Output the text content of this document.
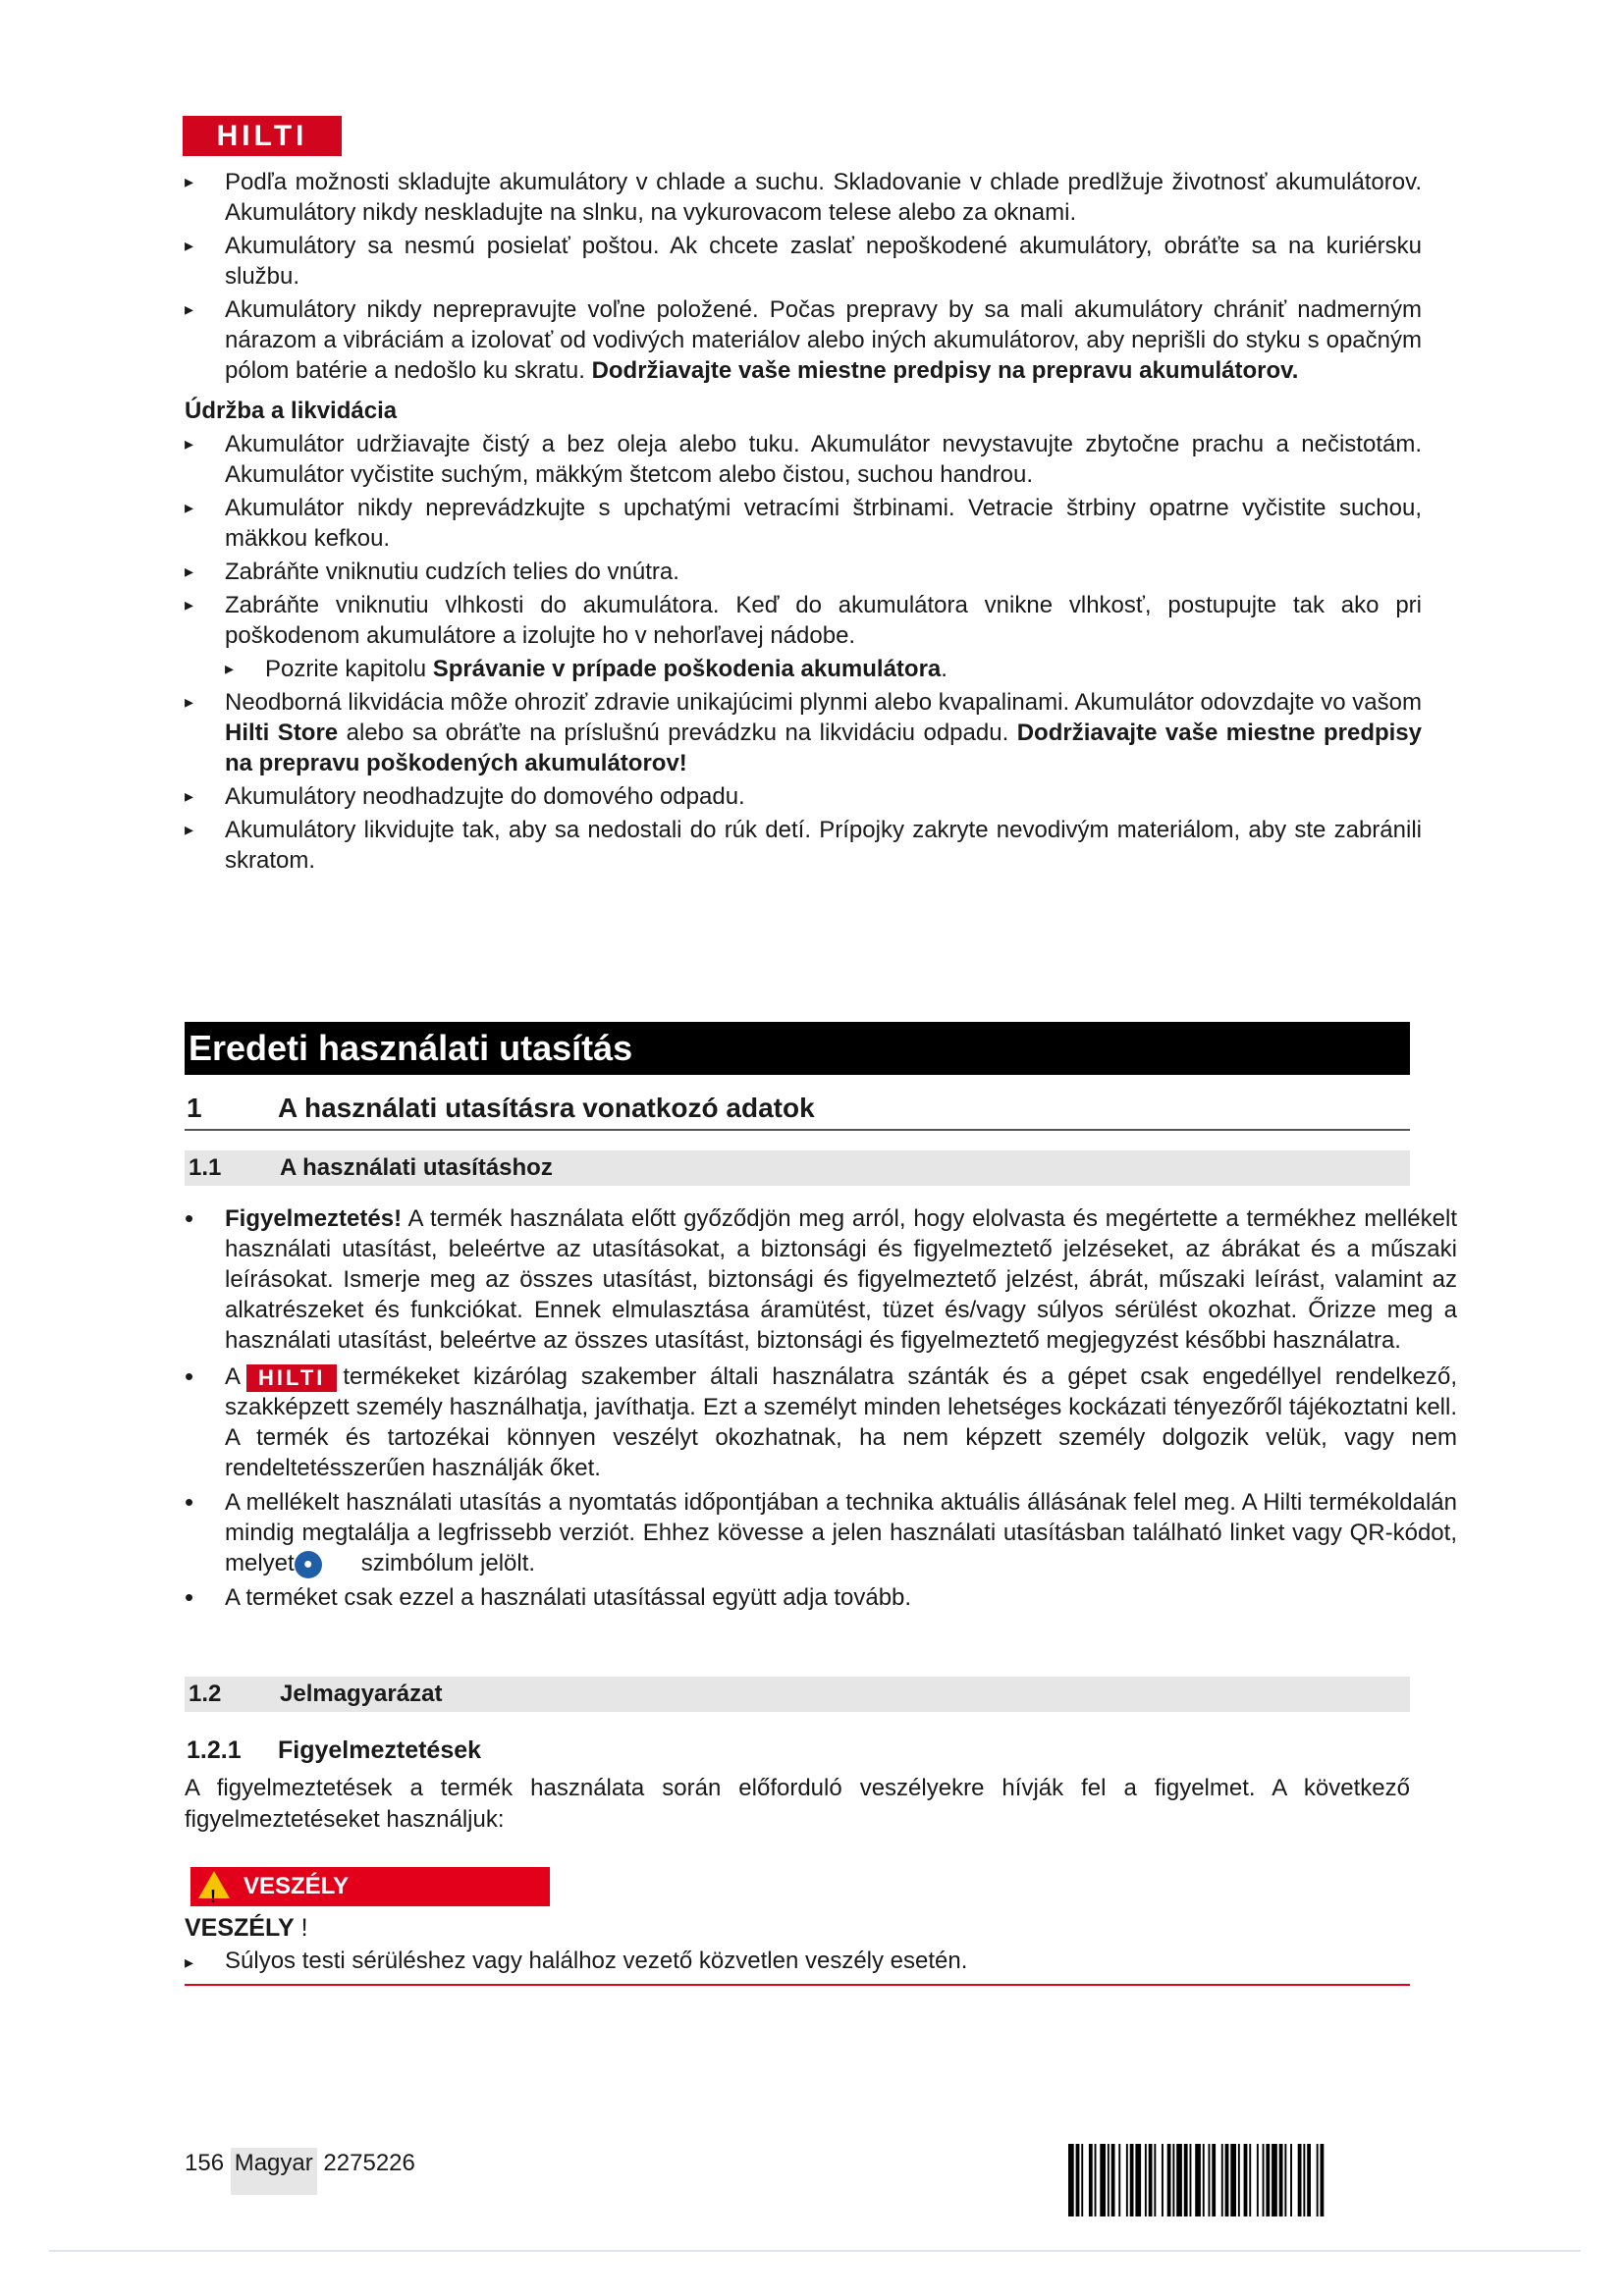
HILTI
▸ Podľa možnosti skladujte akumulátory v chlade a suchu. Skladovanie v chlade predlžuje životnosť akumulátorov. Akumulátory nikdy neskladujte na slnku, na vykurovacom telese alebo za oknami.
▸ Akumulátory sa nesmú posielať poštou. Ak chcete zaslať nepoškodené akumulátory, obráťte sa na kuriérsku službu.
▸ Akumulátory nikdy neprepravujte voľne položené. Počas prepravy by sa mali akumulátory chrániť nadmerným nárazom a vibráciám a izolovať od vodivých materiálov alebo iných akumulátorov, aby neprišli do styku s opačným pólom batérie a nedošlo ku skratu. Dodržiavajte vaše miestne predpisy na prepravu akumulátorov.
Údržba a likvidácia
▸ Akumulátor udržiavajte čistý a bez oleja alebo tuku. Akumulátor nevystavujte zbytočne prachu a nečistotám. Akumulátor vyčistite suchým, mäkkým štetcom alebo čistou, suchou handrou.
▸ Akumulátor nikdy neprevádzkujte s upchatými vetracími štrbinami. Vetracie štrbiny opatrne vyčistite suchou, mäkkou kefkou.
▸ Zabráňte vniknutiu cudzích telies do vnútra.
▸ Zabráňte vniknutiu vlhkosti do akumulátora. Keď do akumulátora vnikne vlhkosť, postupujte tak ako pri poškodenom akumulátore a izolujte ho v nehorľavej nádobe.
▸ Pozrite kapitolu Správanie v prípade poškodenia akumulátora.
▸ Neodborná likvidácia môže ohroziť zdravie unikajúcimi plynmi alebo kvapalinami. Akumulátor odovzdajte vo vašom Hilti Store alebo sa obráťte na príslušnú prevádzku na likvidáciu odpadu. Dodržiavajte vaše miestne predpisy na prepravu poškodených akumulátorov!
▸ Akumulátory neodhadzujte do domového odpadu.
▸ Akumulátory likvidujte tak, aby sa nedostali do rúk detí. Prípojky zakryte nevodivým materiálom, aby ste zabránili skratom.
Eredeti használati utasítás
1	A használati utasításra vonatkozó adatok
1.1 A használati utasításhoz
• Figyelmeztetés! A termék használata előtt győződjön meg arról, hogy elolvasta és megértette a termékhez mellékelt használati utasítást, beleértve az utasításokat, a biztonsági és figyelmeztető jelzéseket, az ábrákat és a műszaki leírásokat. Ismerje meg az összes utasítást, biztonsági és figyelmeztető jelzést, ábrát, műszaki leírást, valamint az alkatrészeket és funkciókat. Ennek elmulasztása áramütést, tüzet és/vagy súlyos sérülést okozhat. Őrizze meg a használati utasítást, beleértve az összes utasítást, biztonsági és figyelmeztető megjegyzést későbbi használatra.
• A HILTI termékeket kizárólag szakember általi használatra szánták és a gépet csak engedéllyel rendelkező, szakképzett személy használhatja, javíthatja. Ezt a személyt minden lehetséges kockázati tényezőről tájékoztatni kell. A termék és tartozékai könnyen veszélyt okozhatnak, ha nem képzett személy dolgozik velük, vagy nem rendeltetésszerűen használják őket.
• A mellékelt használati utasítás a nyomtatás időpontjában a technika aktuális állásának felel meg. A Hilti termékoldalán mindig megtalálja a legfrissebb verziót. Ehhez kövesse a jelen használati utasításban található linket vagy QR-kódot, melyet ● szimbólum jelölt.
• A terméket csak ezzel a használati utasítással együtt adja tovább.
1.2 Jelmagyarázat
1.2.1 Figyelmeztetések
A figyelmeztetések a termék használata során előforduló veszélyekre hívják fel a figyelmet. A következő figyelmeztetéseket használjuk:
!VESZÉLY
VESZÉLY !
▸ Súlyos testi sérüléshez vagy halálhoz vezető közvetlen veszély esetén.
156 Magyar 2275226
